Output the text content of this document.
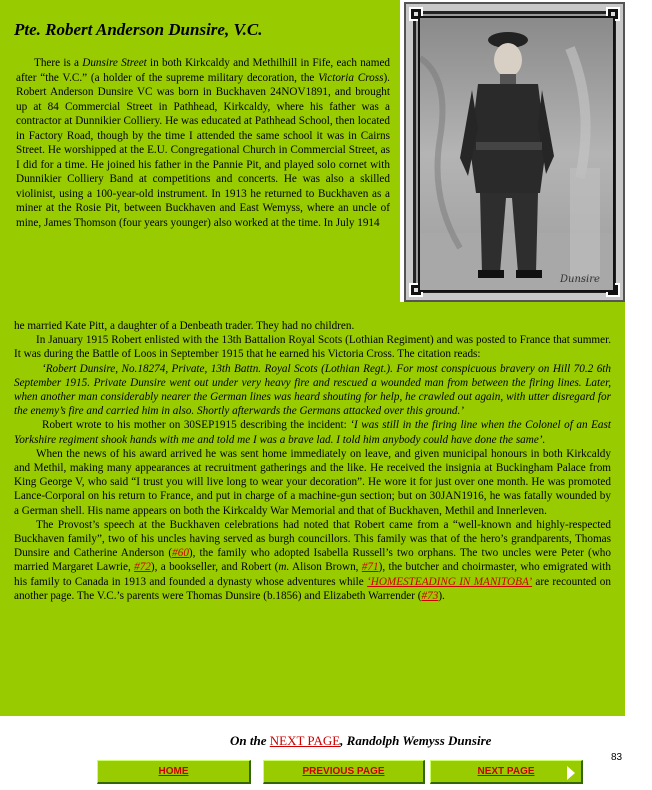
Pte. Robert Anderson Dunsire, V.C.

There is a Dunsire Street in both Kirkcaldy and Methilhill in Fife, each named after “the V.C.” (a holder of the supreme military decoration, the Victoria Cross). Robert Anderson Dunsire VC was born in Buckhaven 24NOV1891, and brought up at 84 Commercial Street in Pathhead, Kirkcaldy, where his father was a contractor at Dunnikier Colliery. He was educated at Pathhead School, then located in Factory Road, though by the time I attended the same school it was in Cairns Street. He worshipped at the E.U. Congregational Church in Commercial Street, as I did for a time. He joined his father in the Pannie Pit, and played solo cornet with Dunnikier Colliery Band at competitions and concerts. He was also a skilled violinist, using a 100-year-old instrument. In 1913 he returned to Buckhaven as a miner at the Rosie Pit, between Buckhaven and East Wemyss, where an uncle of mine, James Thomson (four years younger) also worked at the time. In July 1914

Dunsire

he married Kate Pitt, a daughter of a Denbeath trader. They had no children.

In January 1915 Robert enlisted with the 13th Battalion Royal Scots (Lothian Regiment) and was posted to France that summer. It was during the Battle of Loos in September 1915 that he earned his Victoria Cross. The citation reads:

‘Robert Dunsire, No.18274, Private, 13th Battn. Royal Scots (Lothian Regt.). For most conspicuous bravery on Hill 70.2 6th September 1915. Private Dunsire went out under very heavy fire and rescued a wounded man from between the firing lines. Later, when another man considerably nearer the German lines was heard shouting for help, he crawled out again, with utter disregard for the enemy’s fire and carried him in also. Shortly afterwards the Germans attacked over this ground.’

Robert wrote to his mother on 30SEP1915 describing the incident: ‘I was still in the firing line when the Colonel of an East Yorkshire regiment shook hands with me and told me I was a brave lad. I told him anybody could have done the same’.

When the news of his award arrived he was sent home immediately on leave, and given municipal honours in both Kirkcaldy and Methil, making many appearances at recruitment gatherings and the like. He received the insignia at Buckingham Palace from King George V, who said “I trust you will live long to wear your decoration”. He wore it for just over one month. He was promoted Lance-Corporal on his return to France, and put in charge of a machine-gun section; but on 30JAN1916, he was fatally wounded by a German shell. His name appears on both the Kirkcaldy War Memorial and that of Buckhaven, Methil and Innerleven.

The Provost’s speech at the Buckhaven celebrations had noted that Robert came from a “well-known and highly-respected Buckhaven family”, two of his uncles having served as burgh councillors. This family was that of the hero’s grandparents, Thomas Dunsire and Catherine Anderson (#60), the family who adopted Isabella Russell’s two orphans. The two uncles were Peter (who married Margaret Lawrie, #72), a bookseller, and Robert (m. Alison Brown, #71), the butcher and choirmaster, who emigrated with his family to Canada in 1913 and founded a dynasty whose adventures while ‘HOMESTEADING IN MANITOBA’ are recounted on another page. The V.C.’s parents were Thomas Dunsire (b.1856) and Elizabeth Warrender (#73).

On the NEXT PAGE, Randolph Wemyss Dunsire
83
HOME	PREVIOUS PAGE	NEXT PAGE
